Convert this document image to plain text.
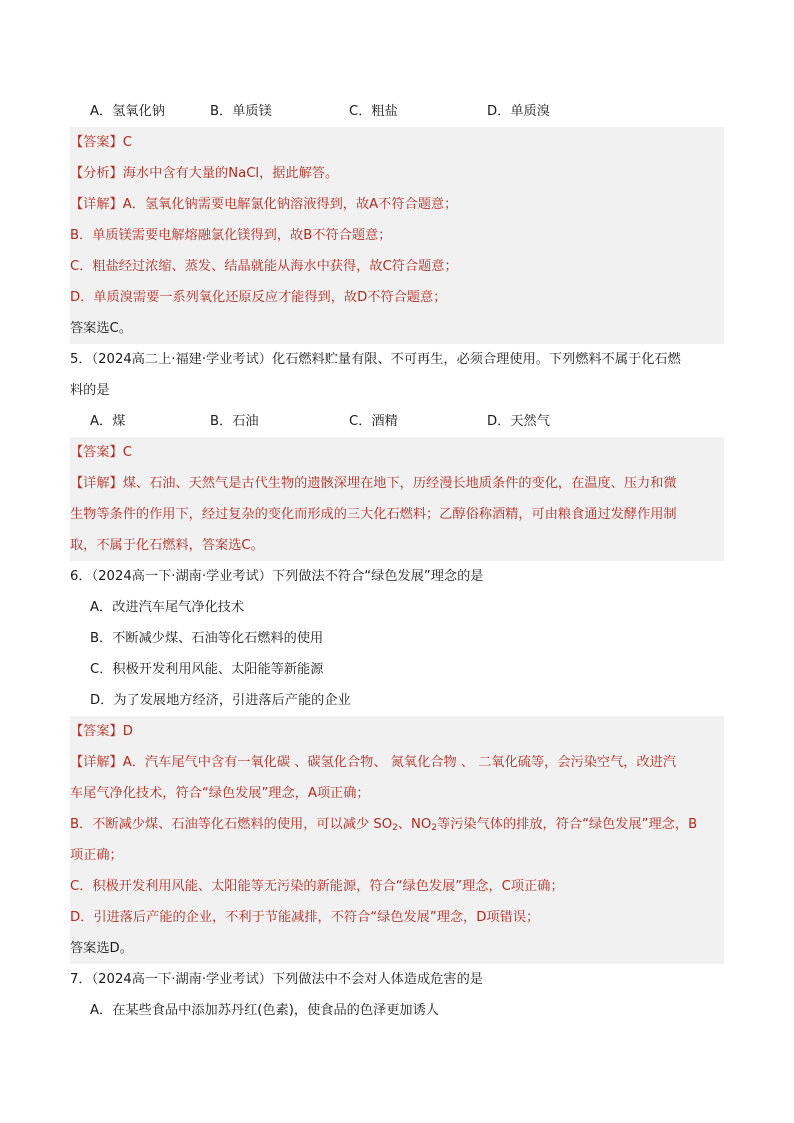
A．氢氧化钠	B．单质镁	C．粗盐	D．单质溴
【答案】C
【分析】海水中含有大量的NaCl，据此解答。
【详解】A．氢氧化钠需要电解氯化钠溶液得到，故A不符合题意；
B．单质镁需要电解熔融氯化镁得到，故B不符合题意；
C．粗盐经过浓缩、蒸发、结晶就能从海水中获得，故C符合题意；
D．单质溴需要一系列氧化还原反应才能得到，故D不符合题意；
答案选C。
5．（2024高二上·福建·学业考试）化石燃料贮量有限、不可再生，必须合理使用。下列燃料不属于化石燃
料的是
A．煤	B．石油	C．酒精	D．天然气
【答案】C
【详解】煤、石油、天然气是古代生物的遗骸深埋在地下，历经漫长地质条件的变化，在温度、压力和微
生物等条件的作用下，经过复杂的变化而形成的三大化石燃料；乙醇俗称酒精，可由粮食通过发酵作用制
取，不属于化石燃料，答案选C。
6．（2024高一下·湖南·学业考试）下列做法不符合“绿色发展”理念的是
A．改进汽车尾气净化技术
B．不断减少煤、石油等化石燃料的使用
C．积极开发利用风能、太阳能等新能源
D．为了发展地方经济，引进落后产能的企业
【答案】D
【详解】A．汽车尾气中含有一氧化碳 、碳氢化合物、 氮氧化合物 、 二氧化硫等，会污染空气，改进汽
车尾气净化技术，符合“绿色发展”理念，A项正确；
B．不断减少煤、石油等化石燃料的使用，可以减少 $SO_2$、$NO_2$等污染气体的排放，符合“绿色发展”理念，B
项正确；
C．积极开发利用风能、太阳能等无污染的新能源，符合“绿色发展”理念，C项正确；
D．引进落后产能的企业，不利于节能减排，不符合“绿色发展”理念，D项错误；
答案选D。
7．（2024高一下·湖南·学业考试）下列做法中不会对人体造成危害的是
A．在某些食品中添加苏丹红(色素)，使食品的色泽更加诱人
